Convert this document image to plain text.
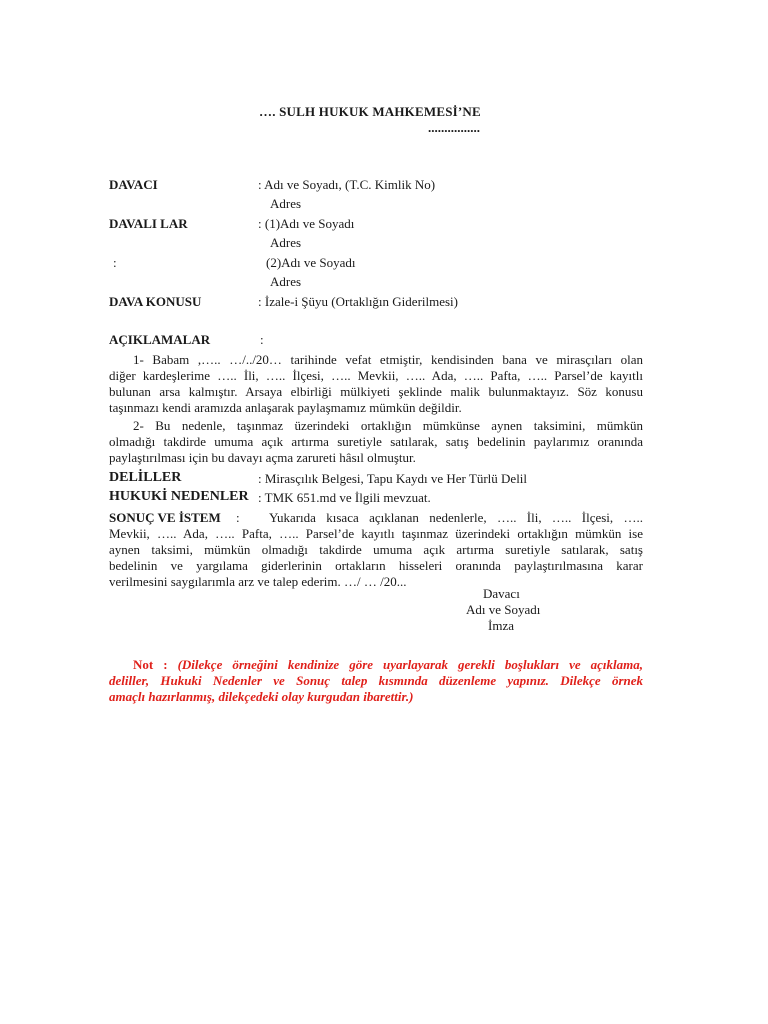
…. SULH HUKUK MAHKEMESİ’NE
................
DAVACI	: Adı ve Soyadı, (T.C. Kimlik No)
Adres
DAVALI LAR	: (1)Adı ve Soyadı
Adres
:	(2)Adı ve Soyadı
Adres
DAVA KONUSU	: İzale-i Şüyu (Ortaklığın Giderilmesi)
AÇIKLAMALAR	:
1- Babam ,….. …/../20… tarihinde vefat etmiştir, kendisinden bana ve mirasçıları olan
diğer kardeşlerime ….. İli, ….. İlçesi, ….. Mevkii, ….. Ada, ….. Pafta, ….. Parsel’de kayıtlı
bulunan arsa kalmıştır. Arsaya elbirliği mülkiyeti şeklinde malik bulunmaktayız. Söz konusu
taşınmazı kendi aramızda anlaşarak paylaşmamız mümkün değildir.
2- Bu nedenle, taşınmaz üzerindeki ortaklığın mümkünse aynen taksimini, mümkün
olmadığı takdirde umuma açık artırma suretiyle satılarak, satış bedelinin paylarımız oranında
paylaştırılması için bu davayı açma zarureti hâsıl olmuştur.
DELİLLER	: Mirasçılık Belgesi, Tapu Kaydı ve Her Türlü Delil
HUKUKİ NEDENLER : TMK 651.md ve İlgili mevzuat.
SONUÇ VE İSTEM :	Yukarıda kısaca açıklanan nedenlerle, ….. İli, ….. İlçesi, …..
Mevkii, ….. Ada, ….. Pafta, ….. Parsel’de kayıtlı taşınmaz üzerindeki ortaklığın mümkün ise
aynen taksimi, mümkün olmadığı takdirde umuma açık artırma suretiyle satılarak, satış
bedelinin ve yargılama giderlerinin ortakların hisseleri oranında paylaştırılmasına karar
verilmesini saygılarımla arz ve talep ederim. …/ … /20...
Davacı
Adı ve Soyadı
İmza
Not : (Dilekçe örneğini kendinize göre uyarlayarak gerekli boşlukları ve açıklama,
deliller, Hukuki Nedenler ve Sonuç talep kısmında düzenleme yapınız. Dilekçe örnek
amaçlı hazırlanmış, dilekçedeki olay kurgudan ibarettir.)
